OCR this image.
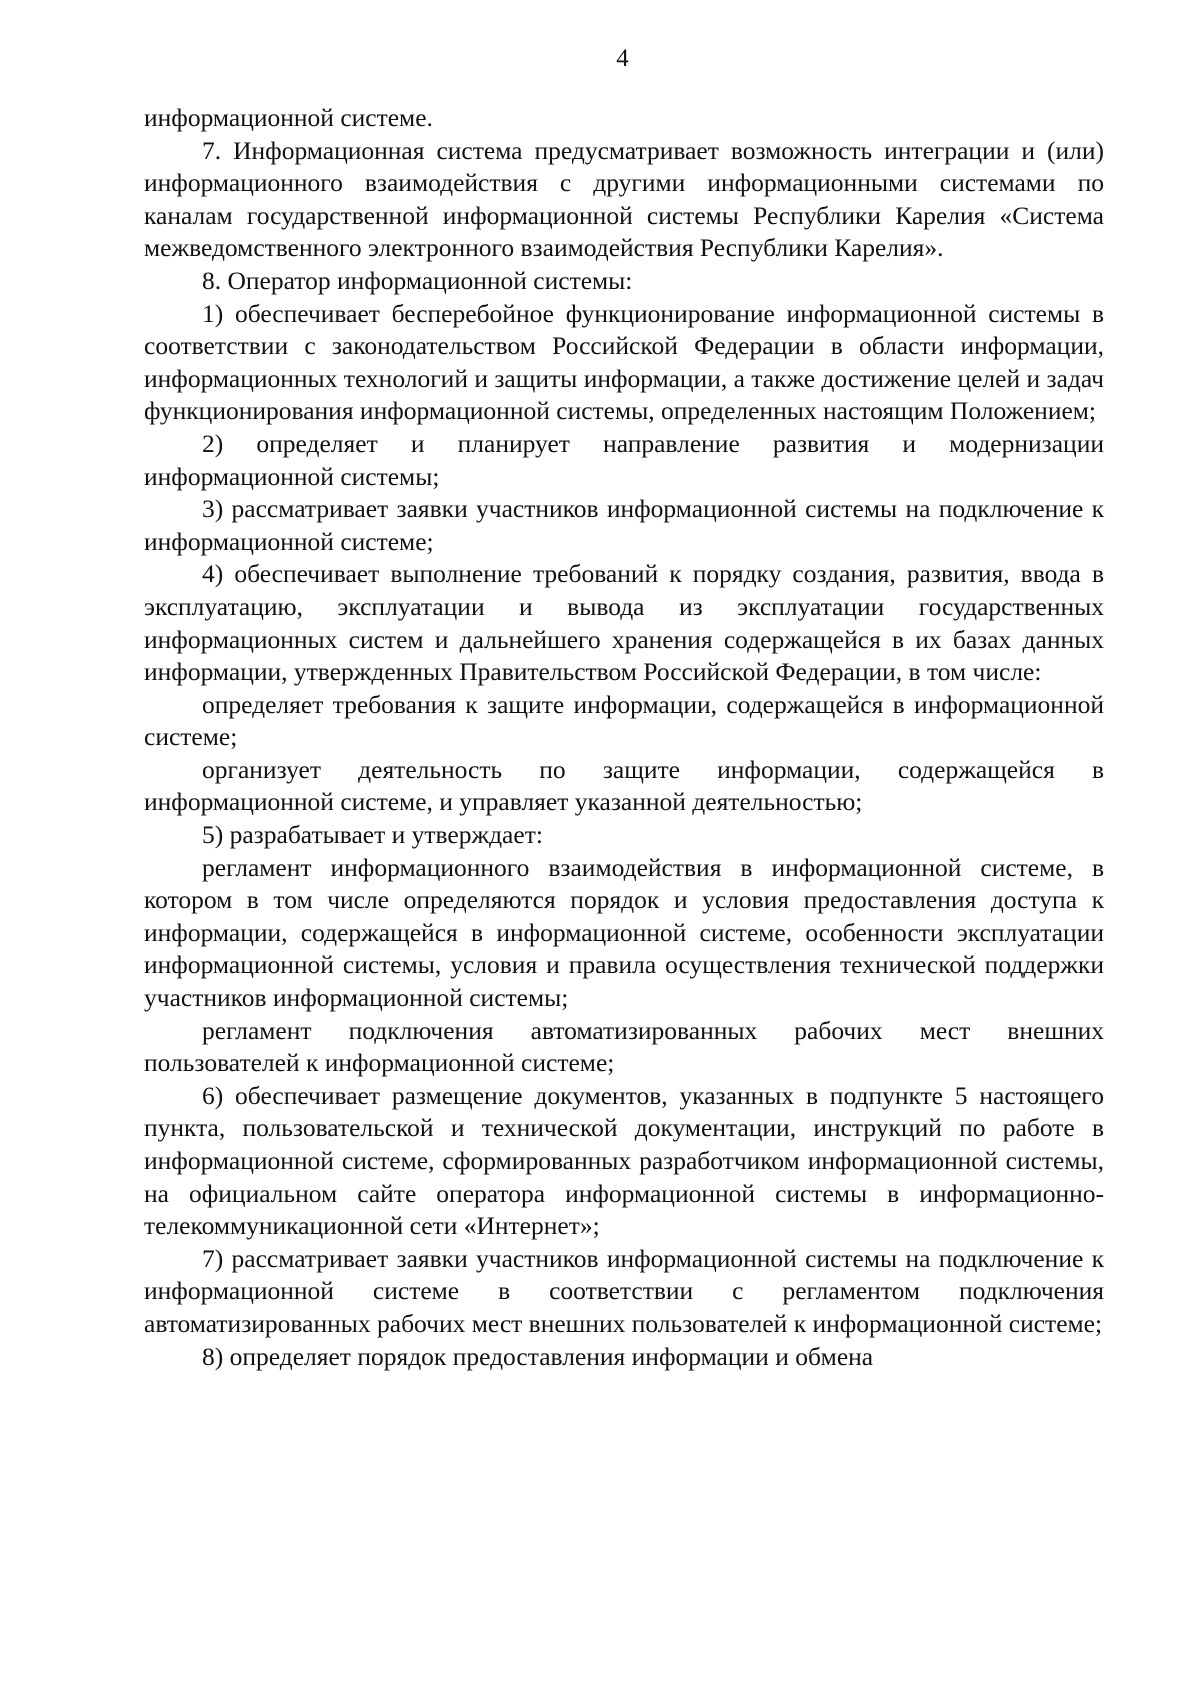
4

информационной системе.

7. Информационная система предусматривает возможность интеграции и (или) информационного взаимодействия с другими информационными системами по каналам государственной информационной системы Республики Карелия «Система межведомственного электронного взаимодействия Республики Карелия».

8. Оператор информационной системы:

1) обеспечивает бесперебойное функционирование информационной системы в соответствии с законодательством Российской Федерации в области информации, информационных технологий и защиты информации, а также достижение целей и задач функционирования информационной системы, определенных настоящим Положением;

2) определяет и планирует направление развития и модернизации информационной системы;

3) рассматривает заявки участников информационной системы на подключение к информационной системе;

4) обеспечивает выполнение требований к порядку создания, развития, ввода в эксплуатацию, эксплуатации и вывода из эксплуатации государственных информационных систем и дальнейшего хранения содержащейся в их базах данных информации, утвержденных Правительством Российской Федерации, в том числе:

определяет требования к защите информации, содержащейся в информационной системе;

организует деятельность по защите информации, содержащейся в информационной системе, и управляет указанной деятельностью;

5) разрабатывает и утверждает:

регламент информационного взаимодействия в информационной системе, в котором в том числе определяются порядок и условия предоставления доступа к информации, содержащейся в информационной системе, особенности эксплуатации информационной системы, условия и правила осуществления технической поддержки участников информационной системы;

регламент подключения автоматизированных рабочих мест внешних пользователей к информационной системе;

6) обеспечивает размещение документов, указанных в подпункте 5 настоящего пункта, пользовательской и технической документации, инструкций по работе в информационной системе, сформированных разработчиком информационной системы, на официальном сайте оператора информационной системы в информационно-телекоммуникационной сети «Интернет»;

7) рассматривает заявки участников информационной системы на подключение к информационной системе в соответствии с регламентом подключения автоматизированных рабочих мест внешних пользователей к информационной системе;

8) определяет порядок предоставления информации и обмена
